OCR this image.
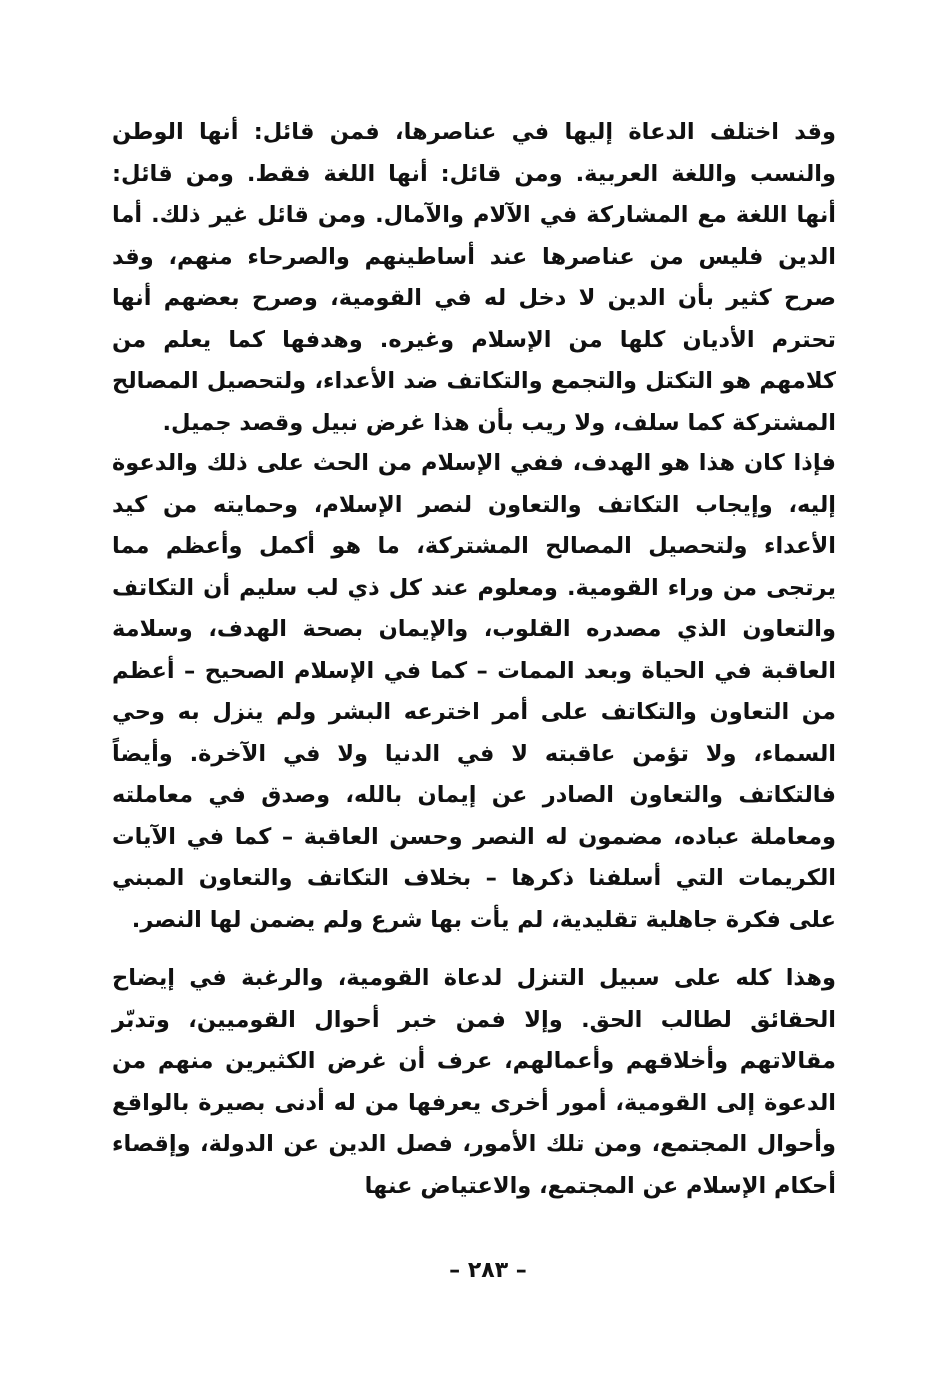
وقد اختلف الدعاة إليها في عناصرها، فمن قائل: أنها الوطن والنسب واللغة العربية. ومن قائل: أنها اللغة فقط. ومن قائل: أنها اللغة مع المشاركة في الآلام والآمال. ومن قائل غير ذلك. أما الدين فليس من عناصرها عند أساطينهم والصرحاء منهم، وقد صرح كثير بأن الدين لا دخل له في القومية، وصرح بعضهم أنها تحترم الأديان كلها من الإسلام وغيره. وهدفها كما يعلم من كلامهم هو التكتل والتجمع والتكاتف ضد الأعداء، ولتحصيل المصالح المشتركة كما سلف، ولا ريب بأن هذا غرض نبيل وقصد جميل.

فإذا كان هذا هو الهدف، ففي الإسلام من الحث على ذلك والدعوة إليه، وإيجاب التكاتف والتعاون لنصر الإسلام، وحمايته من كيد الأعداء ولتحصيل المصالح المشتركة، ما هو أكمل وأعظم مما يرتجى من وراء القومية. ومعلوم عند كل ذي لب سليم أن التكاتف والتعاون الذي مصدره القلوب، والإيمان بصحة الهدف، وسلامة العاقبة في الحياة وبعد الممات – كما في الإسلام الصحيح – أعظم من التعاون والتكاتف على أمر اخترعه البشر ولم ينزل به وحي السماء، ولا تؤمن عاقبته لا في الدنيا ولا في الآخرة. وأيضاً فالتكاتف والتعاون الصادر عن إيمان بالله، وصدق في معاملته ومعاملة عباده، مضمون له النصر وحسن العاقبة – كما في الآيات الكريمات التي أسلفنا ذكرها – بخلاف التكاتف والتعاون المبني على فكرة جاهلية تقليدية، لم يأت بها شرع ولم يضمن لها النصر.

وهذا كله على سبيل التنزل لدعاة القومية، والرغبة في إيضاح الحقائق لطالب الحق. وإلا فمن خبر أحوال القوميين، وتدبّر مقالاتهم وأخلاقهم وأعمالهم، عرف أن غرض الكثيرين منهم من الدعوة إلى القومية، أمور أخرى يعرفها من له أدنى بصيرة بالواقع وأحوال المجتمع، ومن تلك الأمور، فصل الدين عن الدولة، وإقصاء أحكام الإسلام عن المجتمع، والاعتياض عنها

– ٢٨٣ –
